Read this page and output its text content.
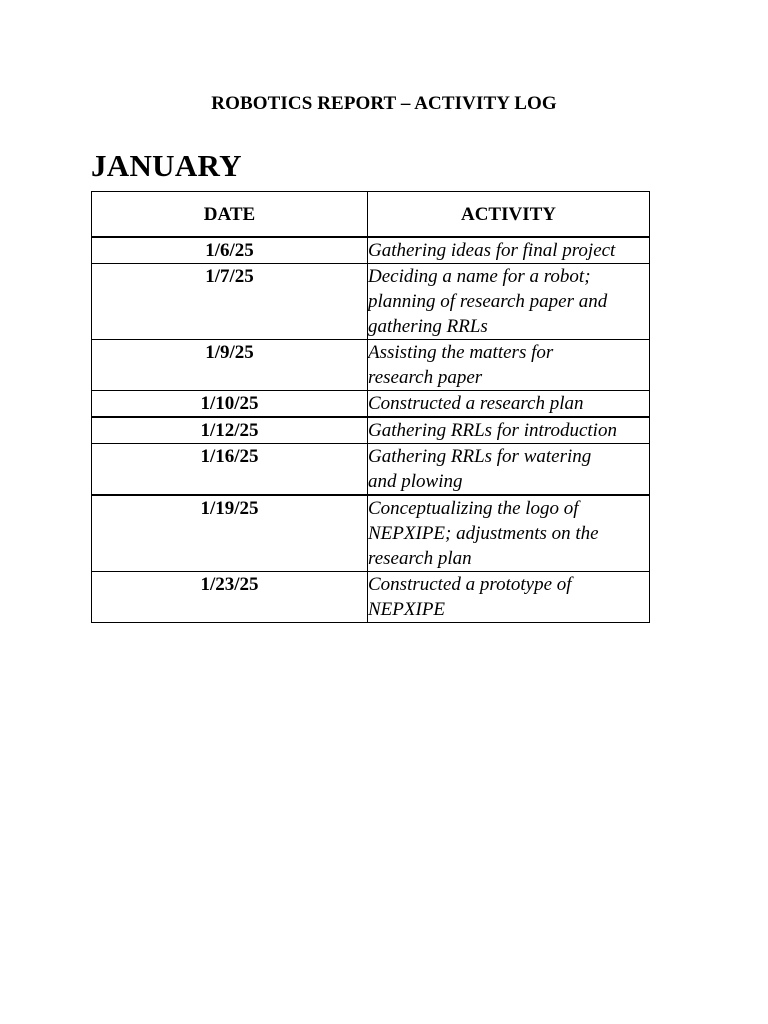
ROBOTICS REPORT – ACTIVITY LOG
JANUARY
DATE	ACTIVITY
1/6/25	Gathering ideas for final project
1/7/25	Deciding a name for a robot;
planning of research paper and
gathering RRLs
1/9/25	Assisting the matters for
research paper
1/10/25	Constructed a research plan
1/12/25	Gathering RRLs for introduction
1/16/25	Gathering RRLs for watering
and plowing
1/19/25	Conceptualizing the logo of
NEPXIPE; adjustments on the
research plan
1/23/25	Constructed a prototype of
NEPXIPE
